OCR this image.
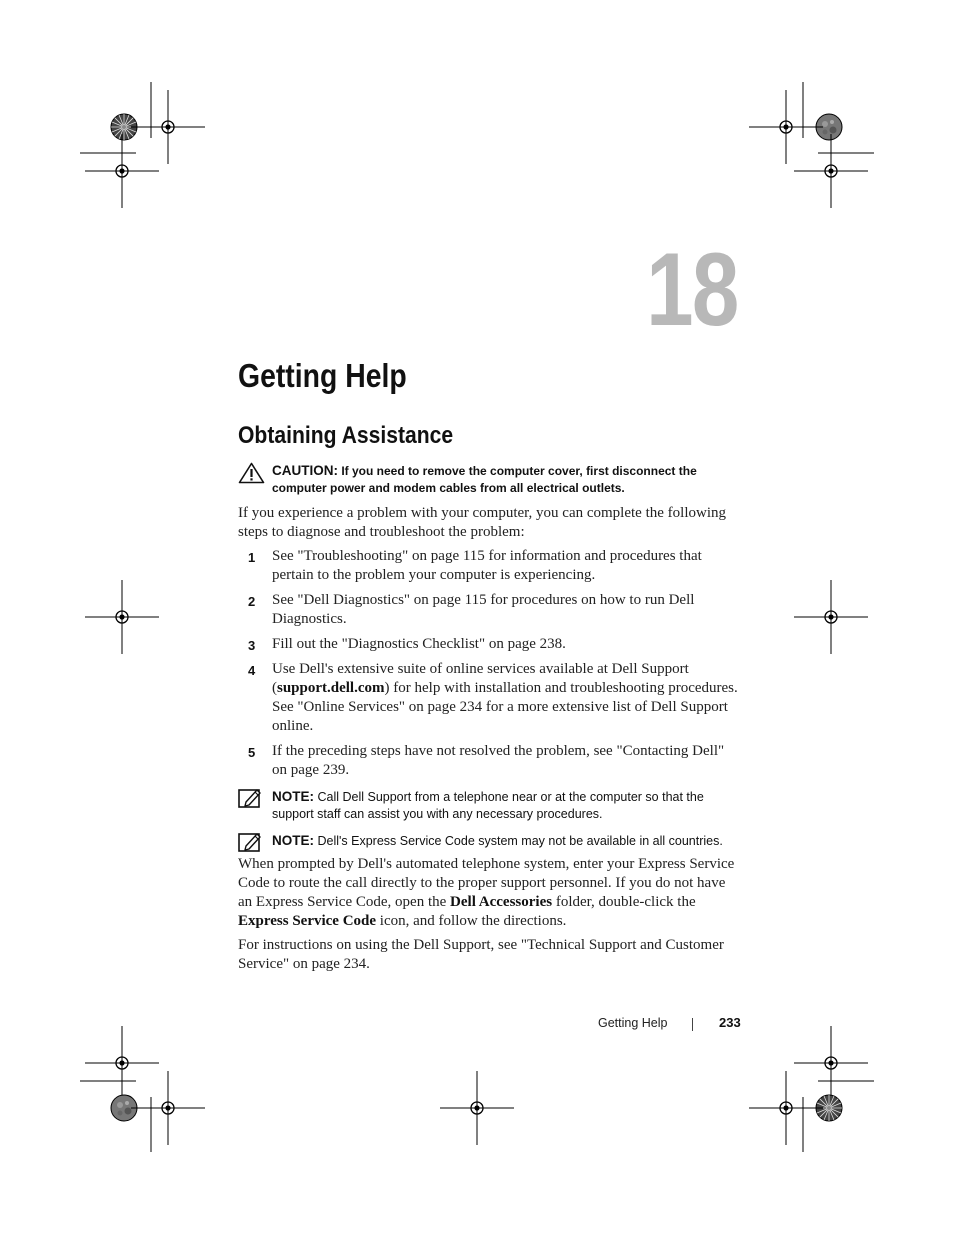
18
Getting Help
Obtaining Assistance
CAUTION: If you need to remove the computer cover, first disconnect the computer power and modem cables from all electrical outlets.

If you experience a problem with your computer, you can complete the following steps to diagnose and troubleshoot the problem:

1 See "Troubleshooting" on page 115 for information and procedures that pertain to the problem your computer is experiencing.
2 See "Dell Diagnostics" on page 115 for procedures on how to run Dell Diagnostics.
3 Fill out the "Diagnostics Checklist" on page 238.
4 Use Dell's extensive suite of online services available at Dell Support (support.dell.com) for help with installation and troubleshooting procedures. See "Online Services" on page 234 for a more extensive list of Dell Support online.
5 If the preceding steps have not resolved the problem, see "Contacting Dell" on page 239.
NOTE: Call Dell Support from a telephone near or at the computer so that the support staff can assist you with any necessary procedures.
NOTE: Dell's Express Service Code system may not be available in all countries.

When prompted by Dell's automated telephone system, enter your Express Service Code to route the call directly to the proper support personnel. If you do not have an Express Service Code, open the Dell Accessories folder, double-click the Express Service Code icon, and follow the directions.

For instructions on using the Dell Support, see "Technical Support and Customer Service" on page 234.

Getting Help	233
